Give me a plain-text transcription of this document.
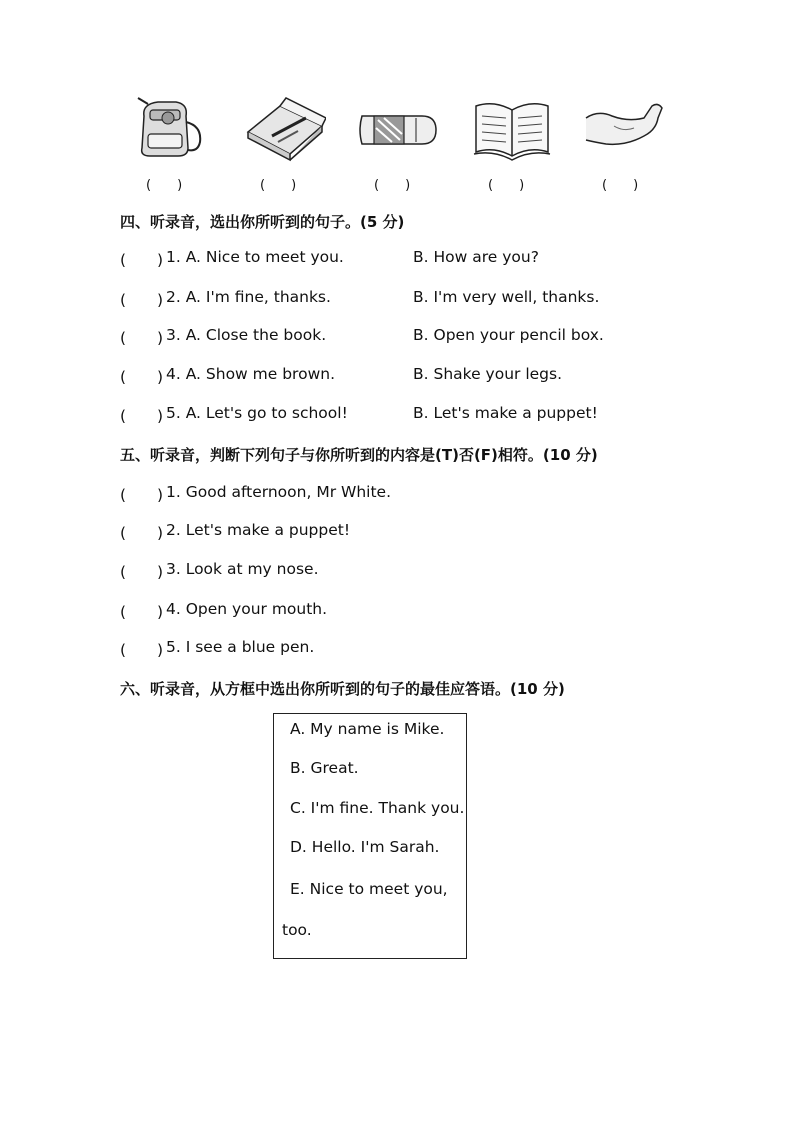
(　　)	(　　)	(　　)	(　　)	(　　)
四、听录音，选出你所听到的句子。(5 分)
(　　) 1. A. Nice to meet you.	B. How are you?
(　　) 2. A. I'm fine, thanks.	B. I'm very well, thanks.
(　　) 3. A. Close the book.	B. Open your pencil box.
(　　) 4. A. Show me brown.	B. Shake your legs.
(　　) 5. A. Let's go to school!	B. Let's make a puppet!
五、听录音，判断下列句子与你所听到的内容是(T)否(F)相符。(10 分)
(　　) 1. Good afternoon, Mr White.
(　　) 2. Let's make a puppet!
(　　) 3. Look at my nose.
(　　) 4. Open your mouth.
(　　) 5. I see a blue pen.
六、听录音，从方框中选出你所听到的句子的最佳应答语。(10 分)
A. My name is Mike.
B. Great.
C. I'm fine. Thank you.
D. Hello. I'm Sarah.
E. Nice to meet you,
too.
